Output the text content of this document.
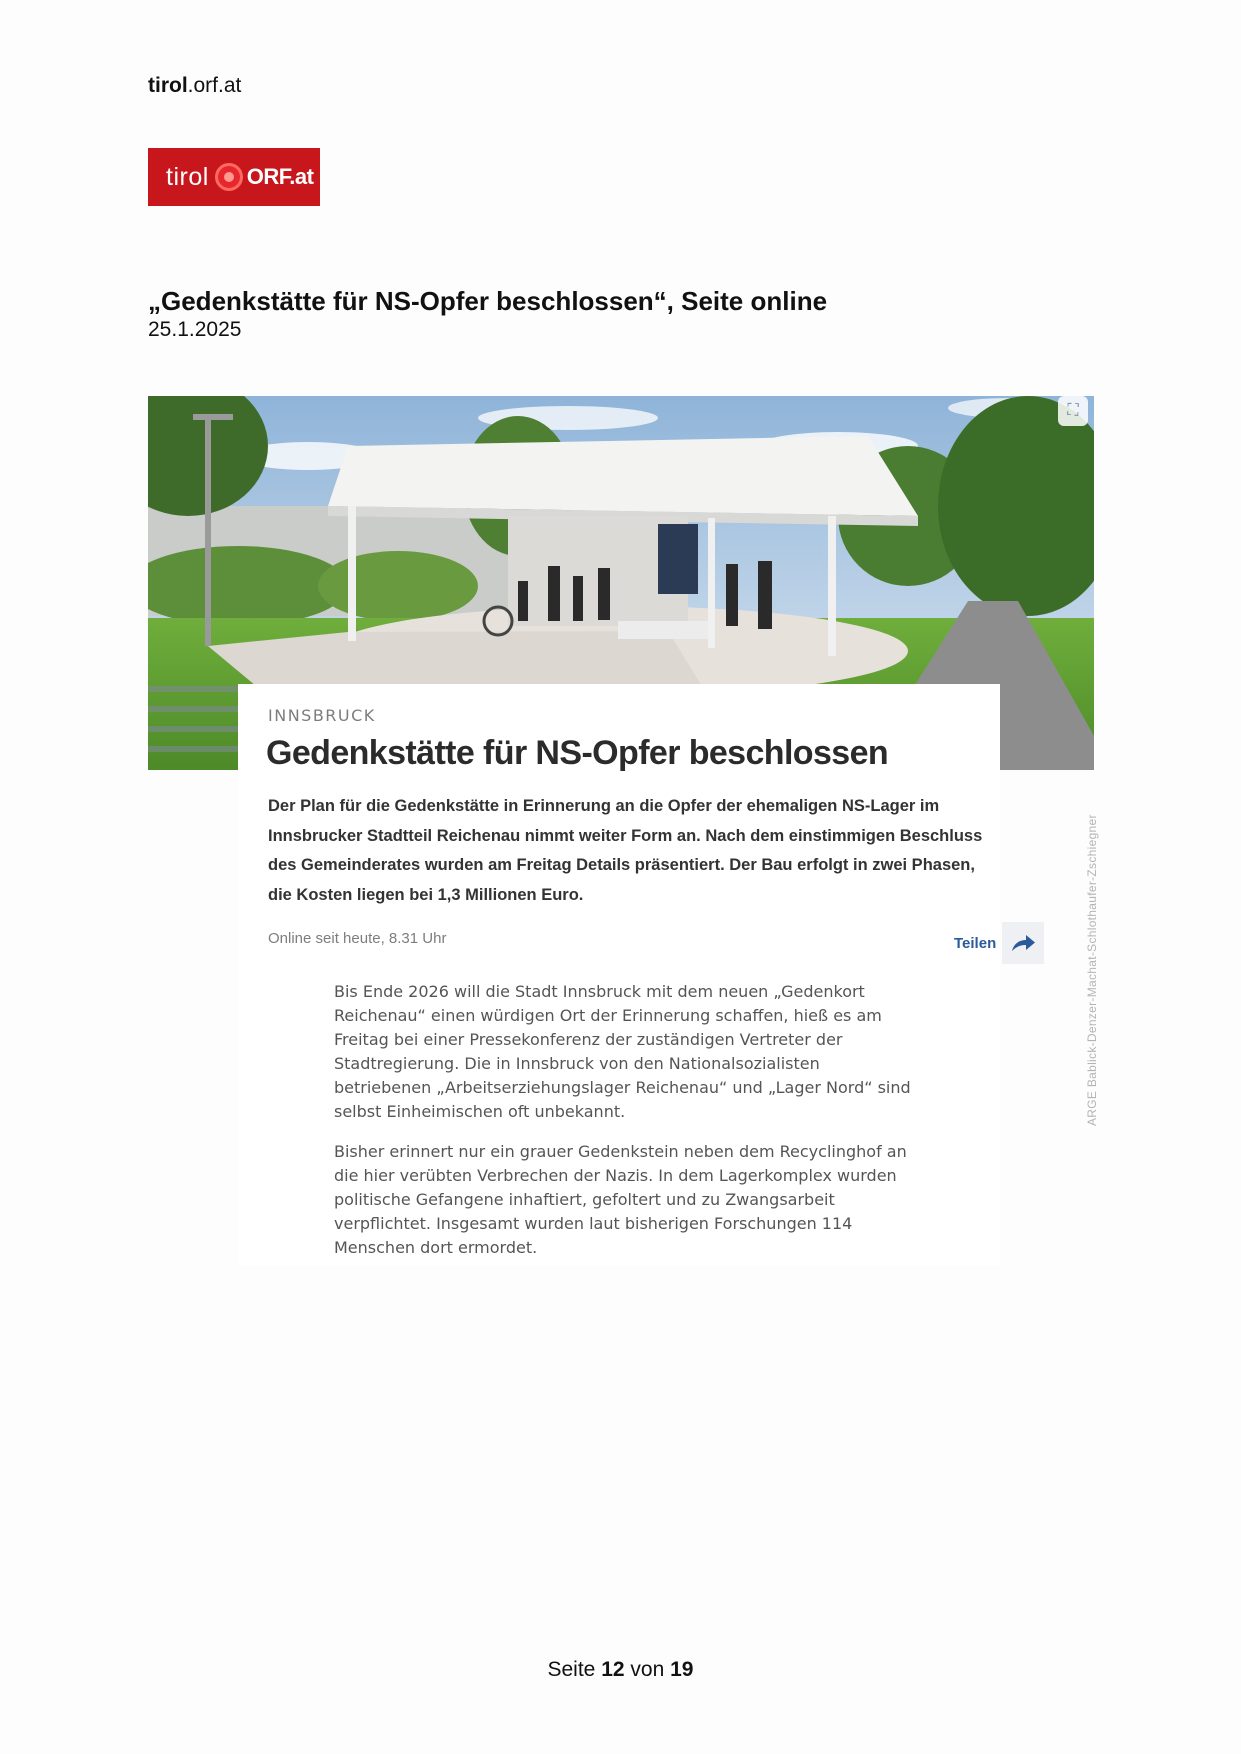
tirol.orf.at
tirol ORF.at
„Gedenkstätte für NS-Opfer beschlossen“, Seite online
25.1.2025
⛶
ARGE Bablick-Denzer-Machat-Schlothaufer-Zschiegner
INNSBRUCK
Gedenkstätte für NS-Opfer beschlossen
Der Plan für die Gedenkstätte in Erinnerung an die Opfer der ehemaligen NS-Lager im Innsbrucker Stadtteil Reichenau nimmt weiter Form an. Nach dem einstimmigen Beschluss des Gemeinderates wurden am Freitag Details präsentiert. Der Bau erfolgt in zwei Phasen, die Kosten liegen bei 1,3 Millionen Euro.
Online seit heute, 8.31 Uhr	Teilen

Bis Ende 2026 will die Stadt Innsbruck mit dem neuen „Gedenkort Reichenau“ einen würdigen Ort der Erinnerung schaffen, hieß es am Freitag bei einer Pressekonferenz der zuständigen Vertreter der Stadtregierung. Die in Innsbruck von den Nationalsozialisten betriebenen „Arbeitserziehungslager Reichenau“ und „Lager Nord“ sind selbst Einheimischen oft unbekannt.

Bisher erinnert nur ein grauer Gedenkstein neben dem Recyclinghof an die hier verübten Verbrechen der Nazis. In dem Lagerkomplex wurden politische Gefangene inhaftiert, gefoltert und zu Zwangsarbeit verpflichtet. Insgesamt wurden laut bisherigen Forschungen 114 Menschen dort ermordet.

Seite 12 von 19
